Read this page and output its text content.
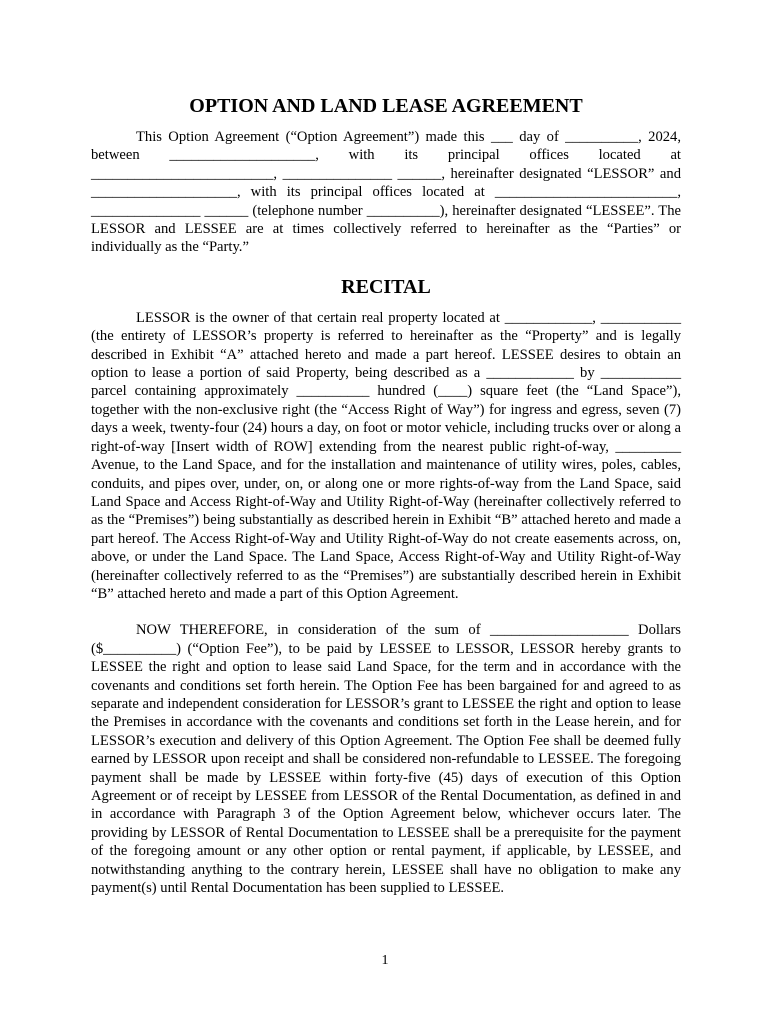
OPTION AND LAND LEASE AGREEMENT

This Option Agreement (“Option Agreement”) made this ___ day of __________, 2024, between ____________________, with its principal offices located at _________________________, _______________ ______, hereinafter designated “LESSOR” and ____________________, with its principal offices located at _________________________, _______________ ______ (telephone number __________), hereinafter designated “LESSEE”. The LESSOR and LESSEE are at times collectively referred to hereinafter as the “Parties” or individually as the “Party.”

RECITAL

LESSOR is the owner of that certain real property located at ____________, ___________ (the entirety of LESSOR’s property is referred to hereinafter as the “Property” and is legally described in Exhibit “A” attached hereto and made a part hereof. LESSEE desires to obtain an option to lease a portion of said Property, being described as a ____________ by ___________ parcel containing approximately __________ hundred (____) square feet (the “Land Space”), together with the non-exclusive right (the “Access Right of Way”) for ingress and egress, seven (7) days a week, twenty-four (24) hours a day, on foot or motor vehicle, including trucks over or along a right-of-way [Insert width of ROW] extending from the nearest public right-of-way, _________ Avenue, to the Land Space, and for the installation and maintenance of utility wires, poles, cables, conduits, and pipes over, under, on, or along one or more rights-of-way from the Land Space, said Land Space and Access Right-of-Way and Utility Right-of-Way (hereinafter collectively referred to as the “Premises”) being substantially as described herein in Exhibit “B” attached hereto and made a part hereof. The Access Right-of-Way and Utility Right-of-Way do not create easements across, on, above, or under the Land Space. The Land Space, Access Right-of-Way and Utility Right-of-Way (hereinafter collectively referred to as the “Premises”) are substantially described herein in Exhibit “B” attached hereto and made a part of this Option Agreement.

NOW THEREFORE, in consideration of the sum of ___________________ Dollars ($__________) (“Option Fee”), to be paid by LESSEE to LESSOR, LESSOR hereby grants to LESSEE the right and option to lease said Land Space, for the term and in accordance with the covenants and conditions set forth herein. The Option Fee has been bargained for and agreed to as separate and independent consideration for LESSOR’s grant to LESSEE the right and option to lease the Premises in accordance with the covenants and conditions set forth in the Lease herein, and for LESSOR’s execution and delivery of this Option Agreement. The Option Fee shall be deemed fully earned by LESSOR upon receipt and shall be considered non-refundable to LESSEE. The foregoing payment shall be made by LESSEE within forty-five (45) days of execution of this Option Agreement or of receipt by LESSEE from LESSOR of the Rental Documentation, as defined in and in accordance with Paragraph 3 of the Option Agreement below, whichever occurs later. The providing by LESSOR of Rental Documentation to LESSEE shall be a prerequisite for the payment of the foregoing amount or any other option or rental payment, if applicable, by LESSEE, and notwithstanding anything to the contrary herein, LESSEE shall have no obligation to make any payment(s) until Rental Documentation has been supplied to LESSEE.

1
